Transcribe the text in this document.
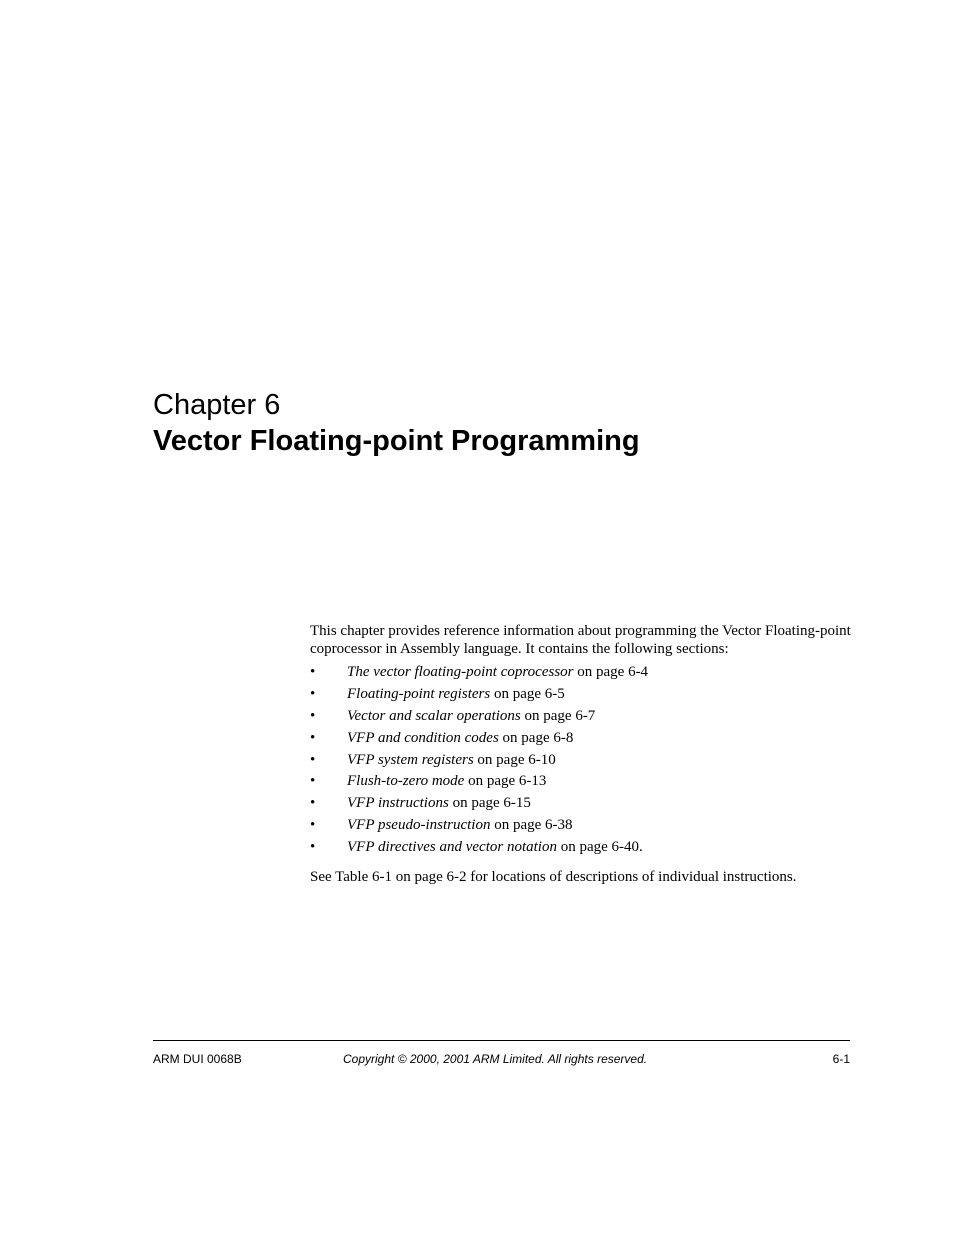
Chapter 6
Vector Floating-point Programming

This chapter provides reference information about programming the Vector Floating-point coprocessor in Assembly language. It contains the following sections:

• The vector floating-point coprocessor on page 6-4
• Floating-point registers on page 6-5
• Vector and scalar operations on page 6-7
• VFP and condition codes on page 6-8
• VFP system registers on page 6-10
• Flush-to-zero mode on page 6-13
• VFP instructions on page 6-15
• VFP pseudo-instruction on page 6-38
• VFP directives and vector notation on page 6-40.

See Table 6-1 on page 6-2 for locations of descriptions of individual instructions.

ARM DUI 0068B	Copyright © 2000, 2001 ARM Limited. All rights reserved.	6-1
